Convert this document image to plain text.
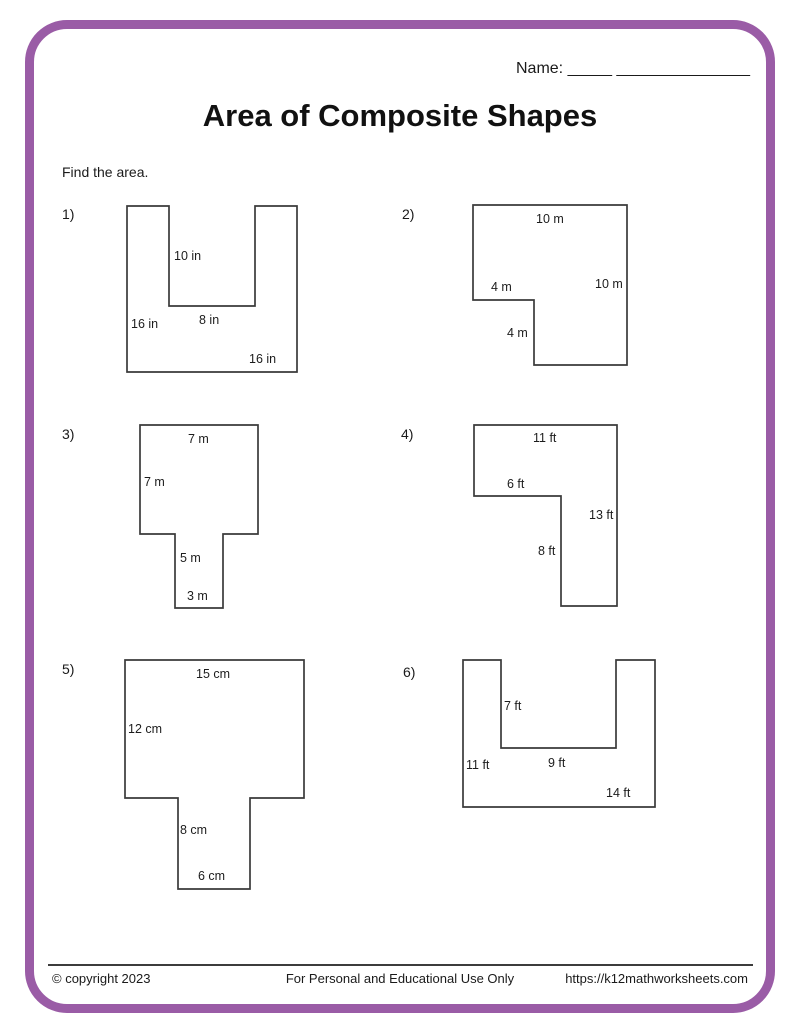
Name: _____ _______________
Area of Composite Shapes
Find the area.
1)
10 in
8 in
16 in
16 in
2)	10 m
4 m	10 m
4 m
3)	7 m
7 m
5 m
3 m
4)	11 ft
6 ft
13 ft
8 ft
5)	15 cm
12 cm
8 cm
6 cm
6)
7 ft
11 ft	9 ft
14 ft
© copyright 2023	For Personal and Educational Use Only	https://k12mathworksheets.com
